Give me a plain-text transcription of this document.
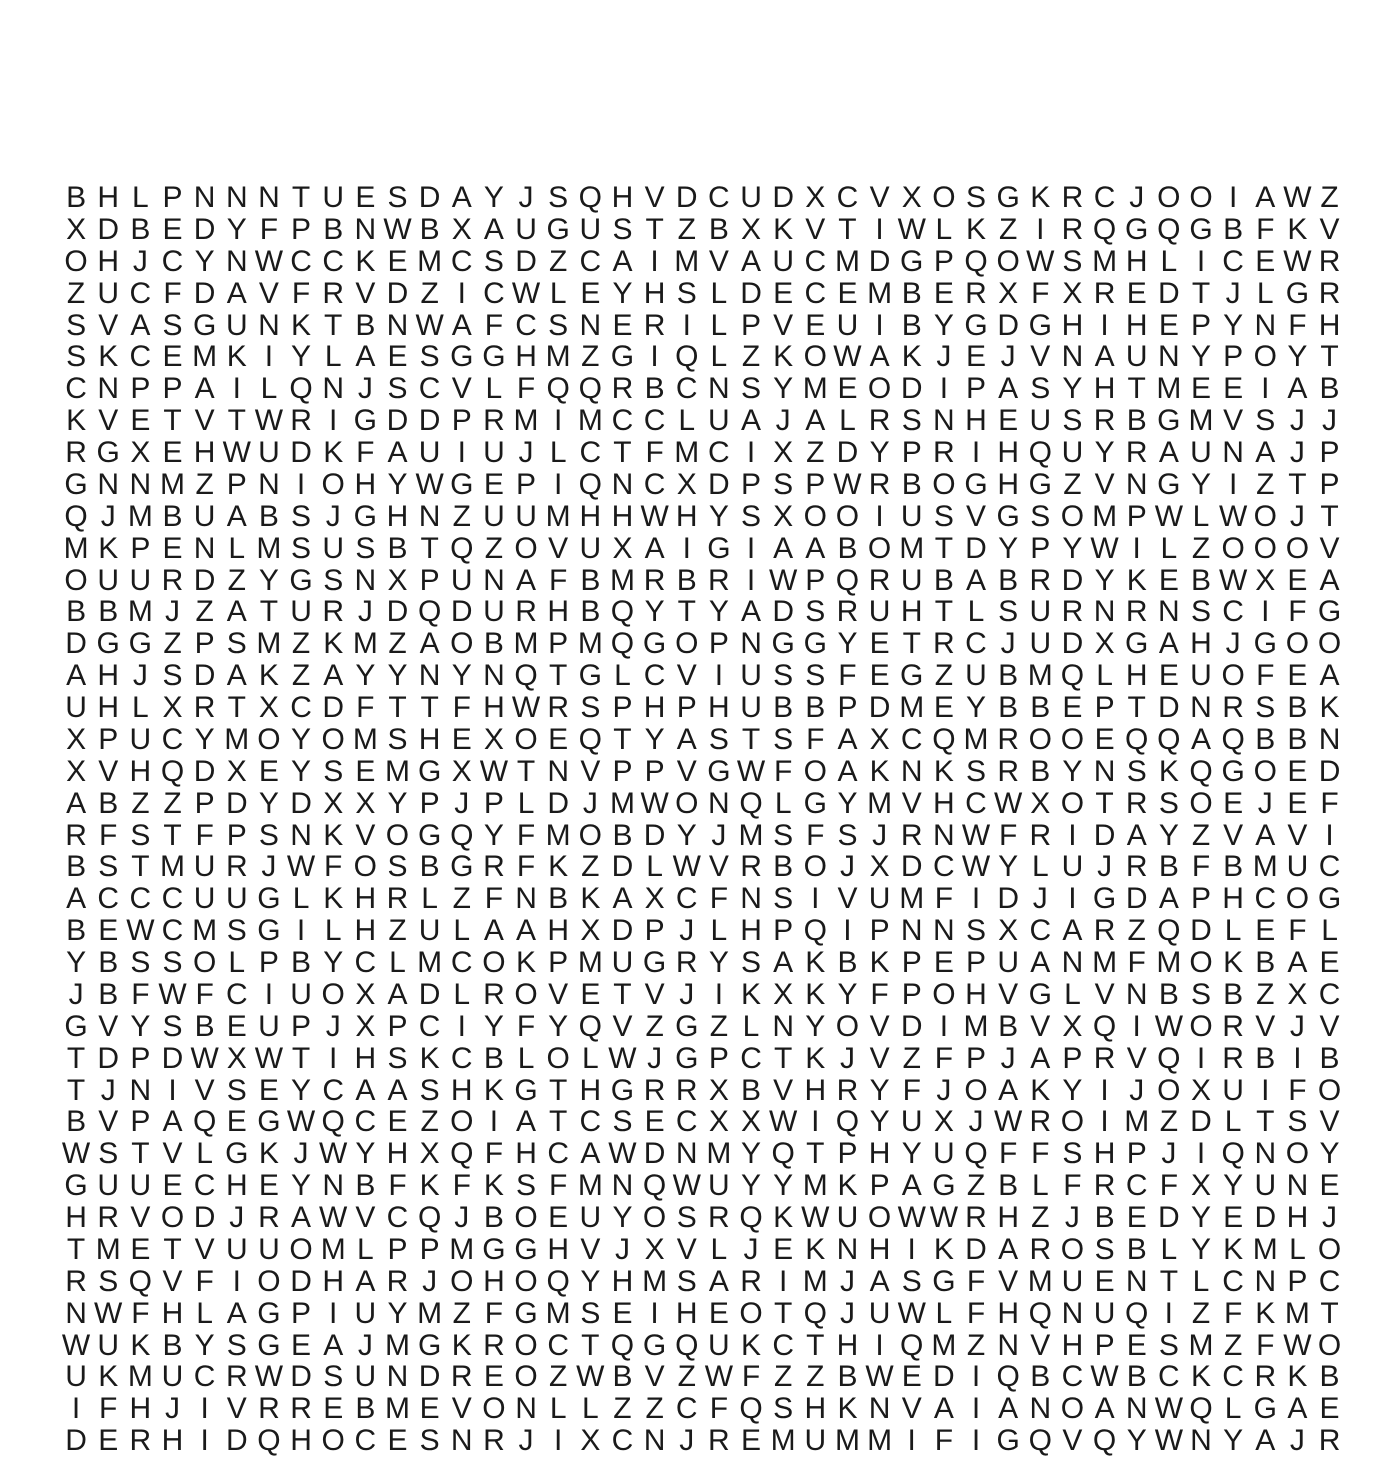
B H L P N N N T U E S D A Y J S Q H V D C U D X C V X O S G K R C J O O I A W Z
X D B E D Y F P B N W B X A U G U S T Z B X K V T I W L K Z I R Q G Q G B F K V
O H J C Y N W C C K E M C S D Z C A I M V A U C M D G P Q O W S M H L I C E W R
Z U C F D A V F R V D Z I C W L E Y H S L D E C E M B E R X F X R E D T J L G R
S V A S G U N K T B N W A F C S N E R I L P V E U I B Y G D G H I H E P Y N F H
S K C E M K I Y L A E S G G H M Z G I Q L Z K O W A K J E J V N A U N Y P O Y T
C N P P A I L Q N J S C V L F Q Q R B C N S Y M E O D I P A S Y H T M E E I A B
K V E T V T W R I G D D P R M I M C C L U A J A L R S N H E U S R B G M V S J J
R G X E H W U D K F A U I U J L C T F M C I X Z D Y P R I H Q U Y R A U N A J P
G N N M Z P N I O H Y W G E P I Q N C X D P S P W R B O G H G Z V N G Y I Z T P
Q J M B U A B S J G H N Z U U M H H W H Y S X O O I U S V G S O M P W L W O J T
M K P E N L M S U S B T Q Z O V U X A I G I A A B O M T D Y P Y W I L Z O O O V
O U U R D Z Y G S N X P U N A F B M R B R I W P Q R U B A B R D Y K E B W X E A
B B M J Z A T U R J D Q D U R H B Q Y T Y A D S R U H T L S U R N R N S C I F G
D G G Z P S M Z K M Z A O B M P M Q G O P N G G Y E T R C J U D X G A H J G O O
A H J S D A K Z A Y Y N Y N Q T G L C V I U S S F E G Z U B M Q L H E U O F E A
U H L X R T X C D F T T F H W R S P H P H U B B P D M E Y B B E P T D N R S B K
X P U C Y M O Y O M S H E X O E Q T Y A S T S F A X C Q M R O O E Q Q A Q B B N
X V H Q D X E Y S E M G X W T N V P P V G W F O A K N K S R B Y N S K Q G O E D
A B Z Z P D Y D X X Y P J P L D J M W O N Q L G Y M V H C W X O T R S O E J E F
R F S T F P S N K V O G Q Y F M O B D Y J M S F S J R N W F R I D A Y Z V A V I
B S T M U R J W F O S B G R F K Z D L W V R B O J X D C W Y L U J R B F B M U C
A C C C U U G L K H R L Z F N B K A X C F N S I V U M F I D J I G D A P H C O G
B E W C M S G I L H Z U L A A H X D P J L H P Q I P N N S X C A R Z Q D L E F L
Y B S S O L P B Y C L M C O K P M U G R Y S A K B K P E P U A N M F M O K B A E
J B F W F C I U O X A D L R O V E T V J I K X K Y F P O H V G L V N B S B Z X C
G V Y S B E U P J X P C I Y F Y Q V Z G Z L N Y O V D I M B V X Q I W O R V J V
T D P D W X W T I H S K C B L O L W J G P C T K J V Z F P J A P R V Q I R B I B
T J N I V S E Y C A A S H K G T H G R R X B V H R Y F J O A K Y I J O X U I F O
B V P A Q E G W Q C E Z O I A T C S E C X X W I Q Y U X J W R O I M Z D L T S V
W S T V L G K J W Y H X Q F H C A W D N M Y Q T P H Y U Q F F S H P J I Q N O Y
G U U E C H E Y N B F K F K S F M N Q W U Y Y M K P A G Z B L F R C F X Y U N E
H R V O D J R A W V C Q J B O E U Y O S R Q K W U O W W R H Z J B E D Y E D H J
T M E T V U U O M L P P M G G H V J X V L J E K N H I K D A R O S B L Y K M L O
R S Q V F I O D H A R J O H O Q Y H M S A R I M J A S G F V M U E N T L C N P C
N W F H L A G P I U Y M Z F G M S E I H E O T Q J U W L F H Q N U Q I Z F K M T
W U K B Y S G E A J M G K R O C T Q G Q U K C T H I Q M Z N V H P E S M Z F W O
U K M U C R W D S U N D R E O Z W B V Z W F Z Z B W E D I Q B C W B C K C R K B
I F H J I V R R E B M E V O N L L Z Z C F Q S H K N V A I A N O A N W Q L G A E
D E R H I D Q H O C E S N R J I X C N J R E M U M M I F I G Q V Q Y W N Y A J R
